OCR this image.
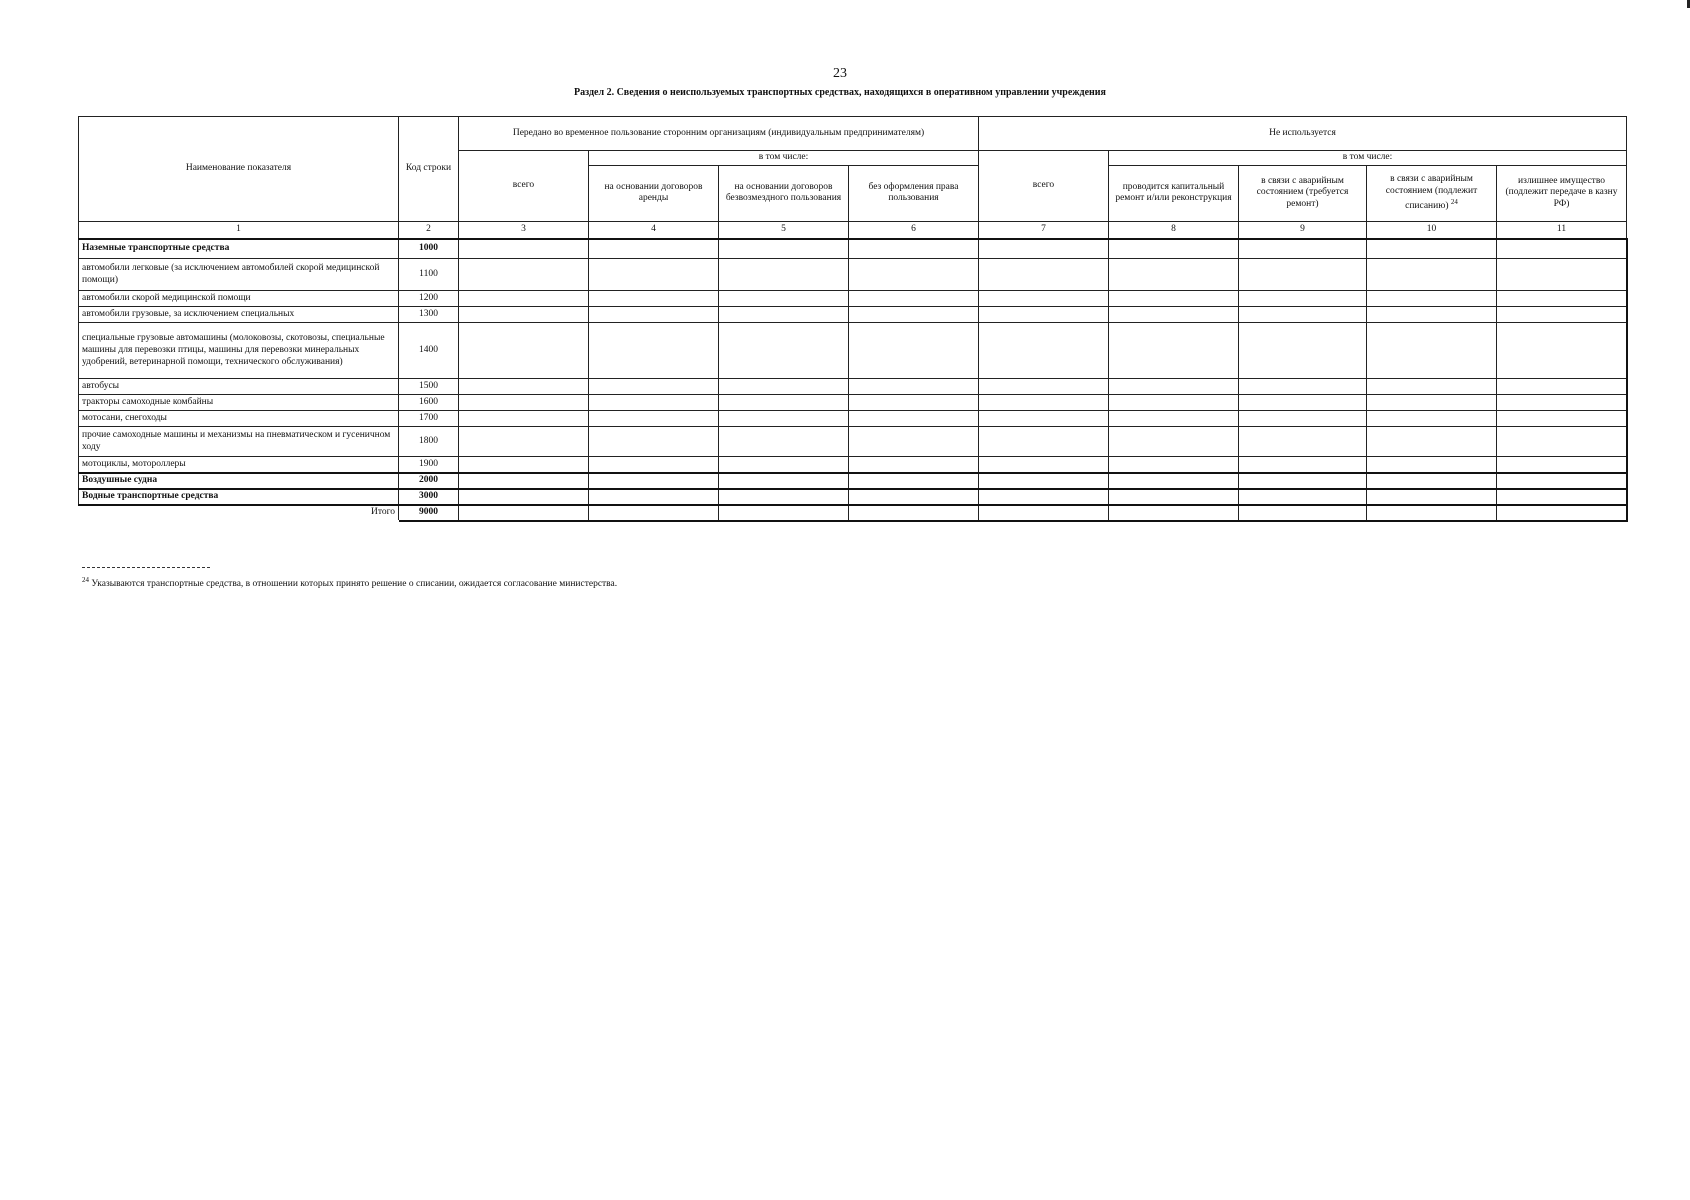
23
Раздел 2. Сведения о неиспользуемых транспортных средствах, находящихся в оперативном управлении учреждения
Наименование показателя	Код строки	Передано во временное пользование сторонним организациям (индивидуальным предпринимателям)				Не используется				
		всего	в том числе:			всего	в том числе:			
			на основании договоров аренды	на основании договоров безвозмездного пользования	без оформления права пользования		проводится капитальный ремонт и/или реконструкция	в связи с аварийным состоянием (требуется ремонт)	в связи с аварийным состоянием (подлежит списанию) $^{24}$	излишнее имущество (подлежит передаче в казну РФ)
1	2	3	4	5	6	7	8	9	10	11
Наземные транспортные средства	1000									
автомобили легковые (за исключением автомобилей скорой медицинской помощи)	1100									
автомобили скорой медицинской помощи	1200									
автомобили грузовые, за исключением специальных	1300									
специальные грузовые автомашины (молоковозы, скотовозы, специальные машины для перевозки птицы, машины для перевозки минеральных удобрений, ветеринарной помощи, технического обслуживания)	1400									
автобусы	1500									
тракторы самоходные комбайны	1600									
мотосани, снегоходы	1700									
прочие самоходные машины и механизмы на пневматическом и гусеничном ходу	1800									
мотоциклы, мотороллеры	1900									
Воздушные судна	2000									
Водные транспортные средства	3000									
Итого	9000									
$^{24}$ Указываются транспортные средства, в отношении которых принято решение о списании, ожидается согласование министерства.
